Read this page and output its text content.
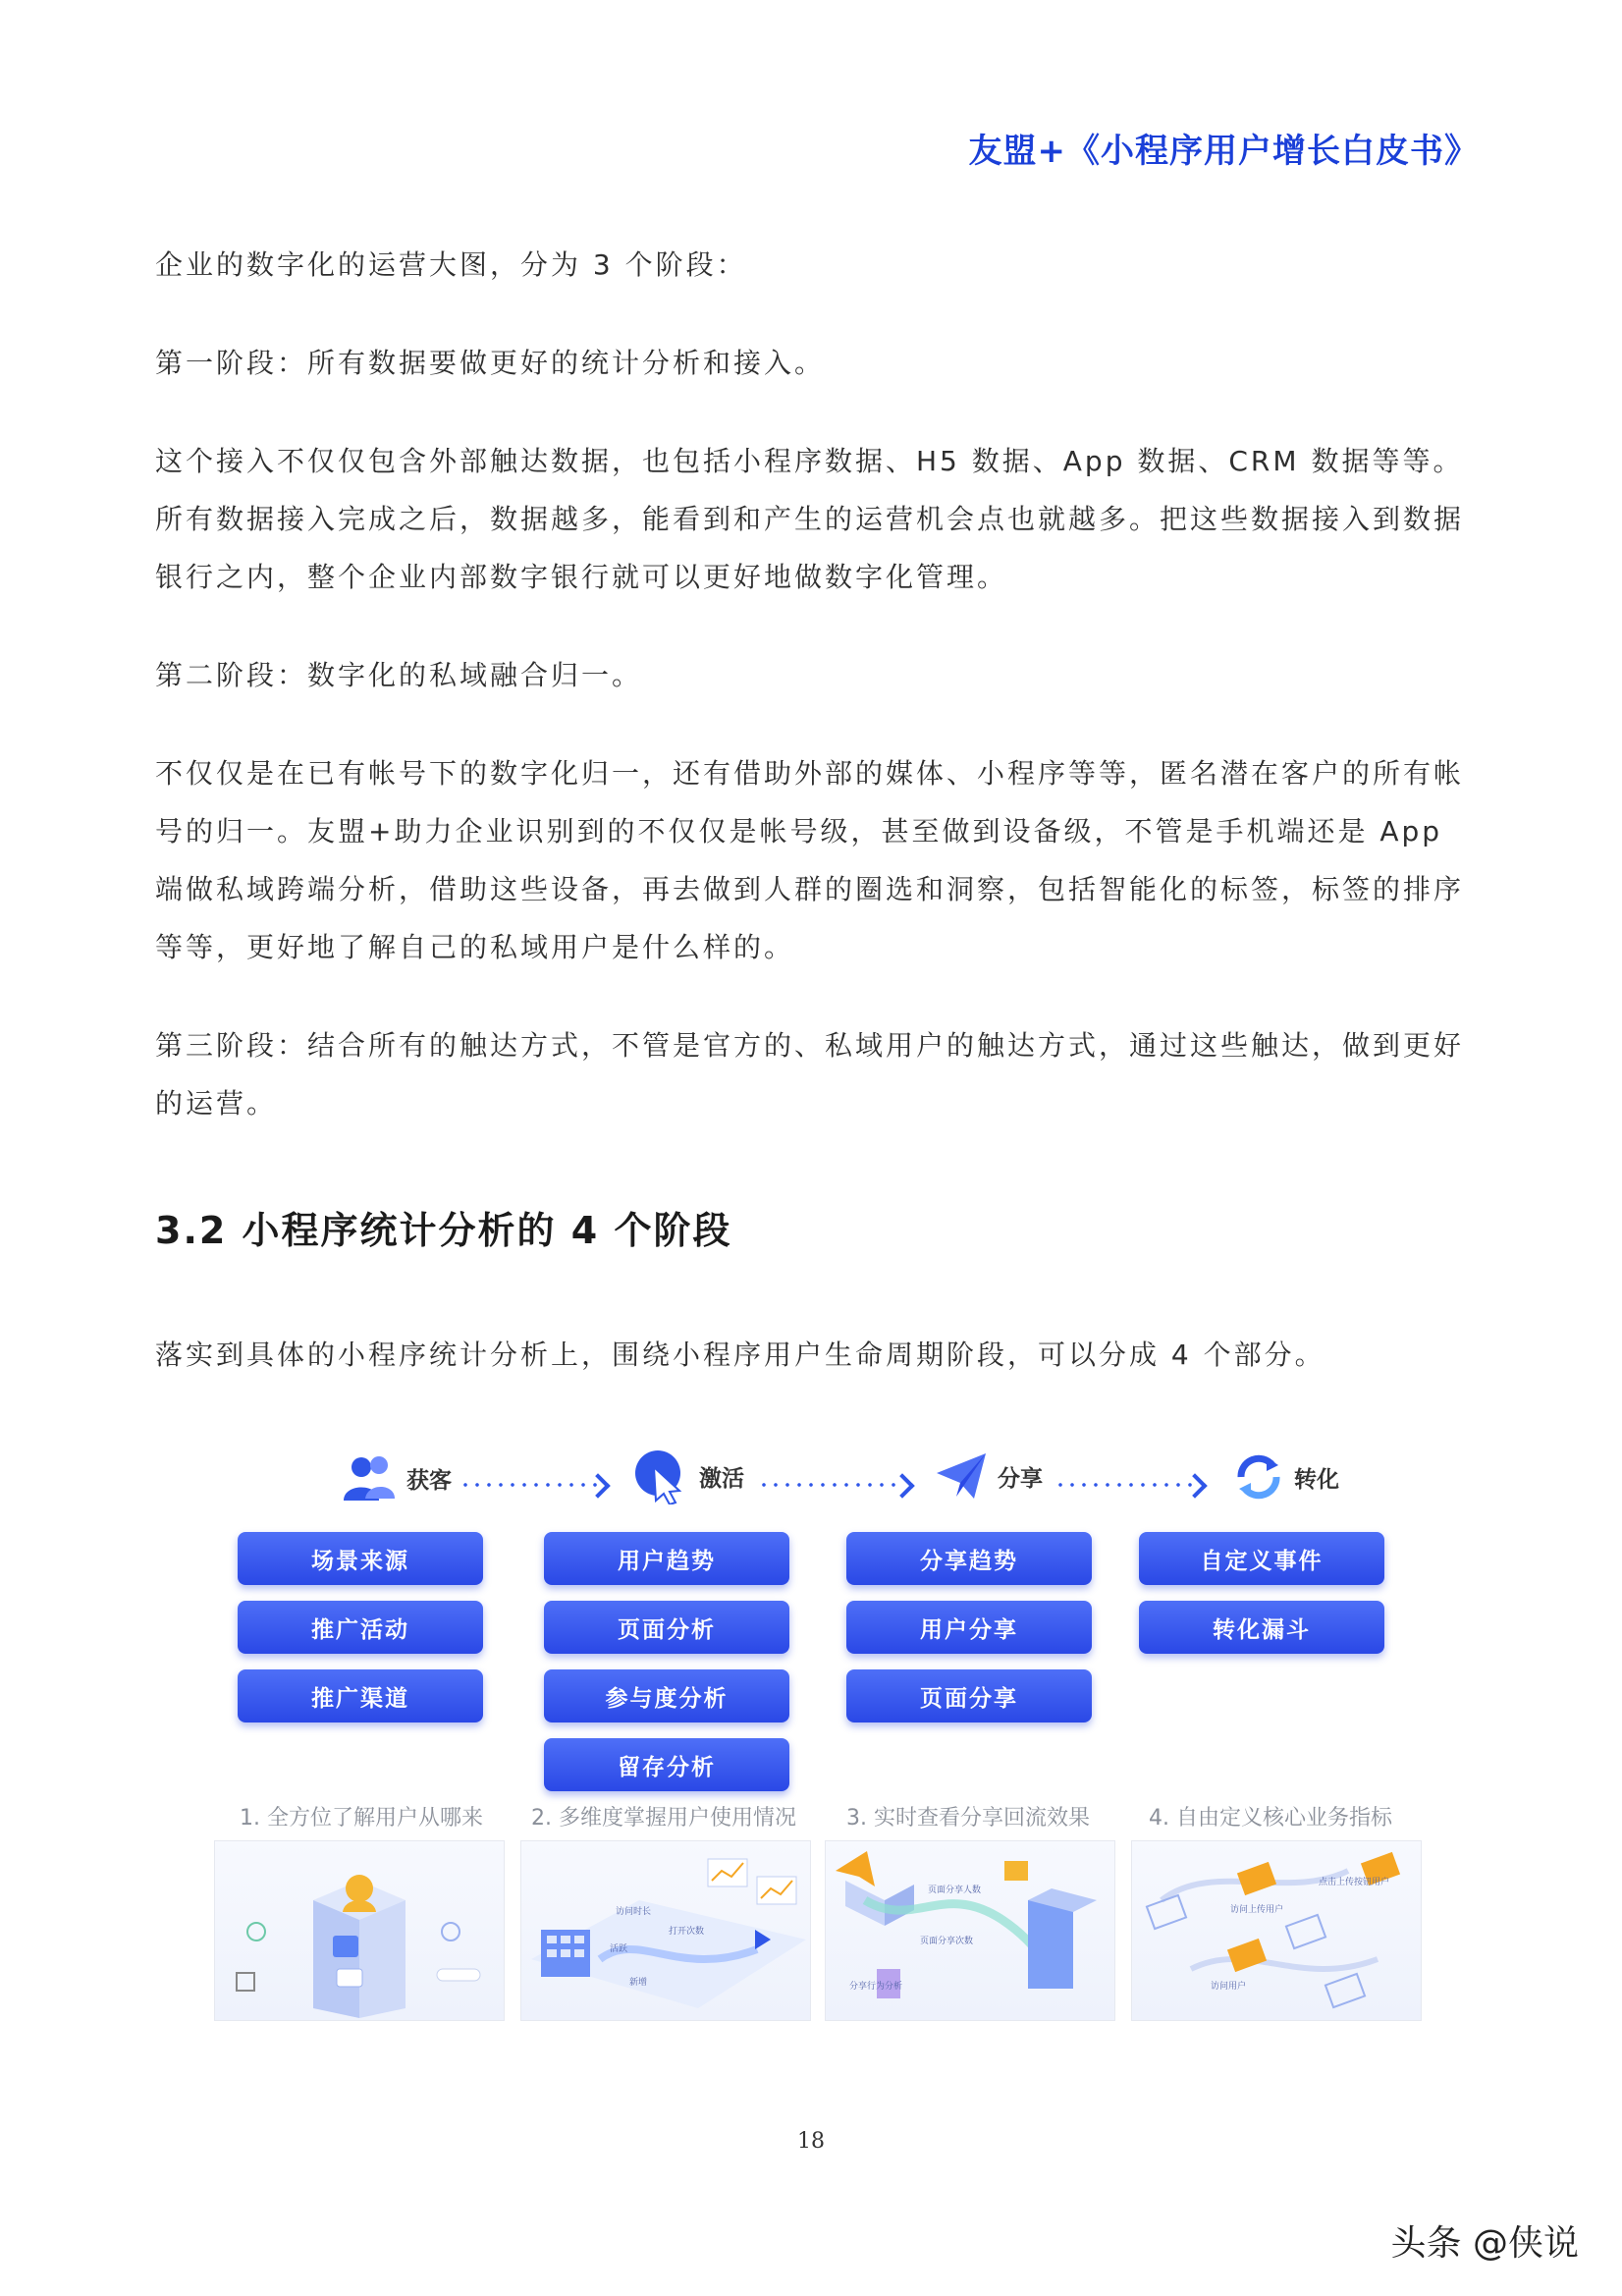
友盟+《小程序用户增长白皮书》

企业的数字化的运营大图，分为 3 个阶段：

第一阶段：所有数据要做更好的统计分析和接入。

这个接入不仅仅包含外部触达数据，也包括小程序数据、H5 数据、App 数据、CRM 数据等等。所有数据接入完成之后，数据越多，能看到和产生的运营机会点也就越多。把这些数据接入到数据银行之内，整个企业内部数字银行就可以更好地做数字化管理。

第二阶段：数字化的私域融合归一。

不仅仅是在已有帐号下的数字化归一，还有借助外部的媒体、小程序等等，匿名潜在客户的所有帐号的归一。友盟+助力企业识别到的不仅仅是帐号级，甚至做到设备级，不管是手机端还是 App 端做私域跨端分析，借助这些设备，再去做到人群的圈选和洞察，包括智能化的标签，标签的排序等等，更好地了解自己的私域用户是什么样的。

第三阶段：结合所有的触达方式，不管是官方的、私域用户的触达方式，通过这些触达，做到更好的运营。

3.2 小程序统计分析的 4 个阶段

落实到具体的小程序统计分析上，围绕小程序用户生命周期阶段，可以分成 4 个部分。

获客	激活	分享	转化
场景来源
推广活动
推广渠道
用户趋势
页面分析
参与度分析
留存分析
分享趋势
用户分享
页面分享
自定义事件
转化漏斗
1. 全方位了解用户从哪来	2. 多维度掌握用户使用情况	3. 实时查看分享回流效果	4. 自由定义核心业务指标
访问时长
打开次数
活跃
新增
页面分享人数
页面分享次数
分享行为分析
访问上传用户
点击上传按钮用户
访问用户
18
头条 @侠说
